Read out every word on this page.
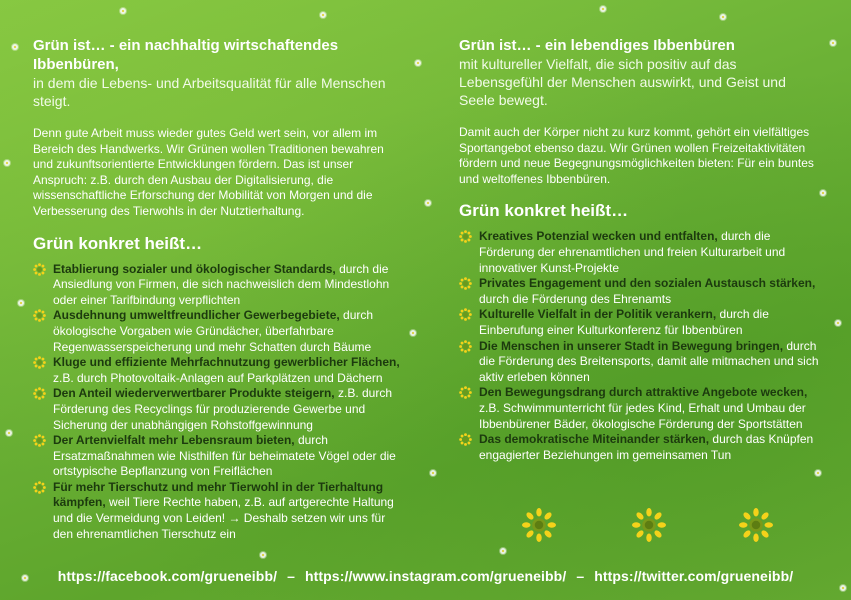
Grün ist… - ein nachhaltig wirtschaftendes Ibbenbüren,

in dem die Lebens- und Arbeitsqualität für alle Menschen steigt.
Denn gute Arbeit muss wieder gutes Geld wert sein, vor allem im Bereich des Handwerks. Wir Grünen wollen Traditionen bewahren und zukunftsorientierte Entwicklungen fördern. Das ist unser Anspruch: z.B. durch den Ausbau der Digitalisierung, die wissenschaftliche Erforschung der Mobilität von Morgen und die Verbesserung des Tierwohls in der Nutztierhaltung.
Grün konkret heißt…
Etablierung sozialer und ökologischer Standards, durch die Ansiedlung von Firmen, die sich nachweislich dem Mindestlohn oder einer Tarifbindung verpflichten
Ausdehnung umweltfreundlicher Gewerbegebiete, durch ökologische Vorgaben wie Gründächer, überfahrbare Regenwasserspeicherung und mehr Schatten durch Bäume
Kluge und effiziente Mehrfachnutzung gewerblicher Flächen, z.B. durch Photovoltaik-Anlagen auf Parkplätzen und Dächern
Den Anteil wiederverwertbarer Produkte steigern, z.B. durch Förderung des Recyclings für produzierende Gewerbe und Sicherung der unabhängigen Rohstoffgewinnung
Der Artenvielfalt mehr Lebensraum bieten, durch Ersatzmaßnahmen wie Nisthilfen für beheimatete Vögel oder die ortstypische Bepflanzung von Freiflächen
Für mehr Tierschutz und mehr Tierwohl in der Tierhaltung kämpfen, weil Tiere Rechte haben, z.B. auf artgerechte Haltung und die Vermeidung von Leiden! → Deshalb setzen wir uns für den ehrenamtlichen Tierschutz ein

Grün ist… - ein lebendiges Ibbenbüren

mit kultureller Vielfalt, die sich positiv auf das Lebensgefühl der Menschen auswirkt, und Geist und Seele bewegt.
Damit auch der Körper nicht zu kurz kommt, gehört ein vielfältiges Sportangebot ebenso dazu. Wir Grünen wollen Freizeitaktivitäten fördern und neue Begegnungsmöglichkeiten bieten: Für ein buntes und weltoffenes Ibbenbüren.
Grün konkret heißt…
Kreatives Potenzial wecken und entfalten, durch die Förderung der ehrenamtlichen und freien Kulturarbeit und innovativer Kunst-Projekte
Privates Engagement und den sozialen Austausch stärken, durch die Förderung des Ehrenamts
Kulturelle Vielfalt in der Politik verankern, durch die Einberufung einer Kulturkonferenz für Ibbenbüren
Die Menschen in unserer Stadt in Bewegung bringen, durch die Förderung des Breitensports, damit alle mitmachen und sich aktiv erleben können
Den Bewegungsdrang durch attraktive Angebote wecken, z.B. Schwimmunterricht für jedes Kind, Erhalt und Umbau der Ibbenbürener Bäder, ökologische Förderung der Sportstätten
Das demokratische Miteinander stärken, durch das Knüpfen engagierter Beziehungen im gemeinsamen Tun
https://facebook.com/grueneibb/ – https://www.instagram.com/grueneibb/ – https://twitter.com/grueneibb/
